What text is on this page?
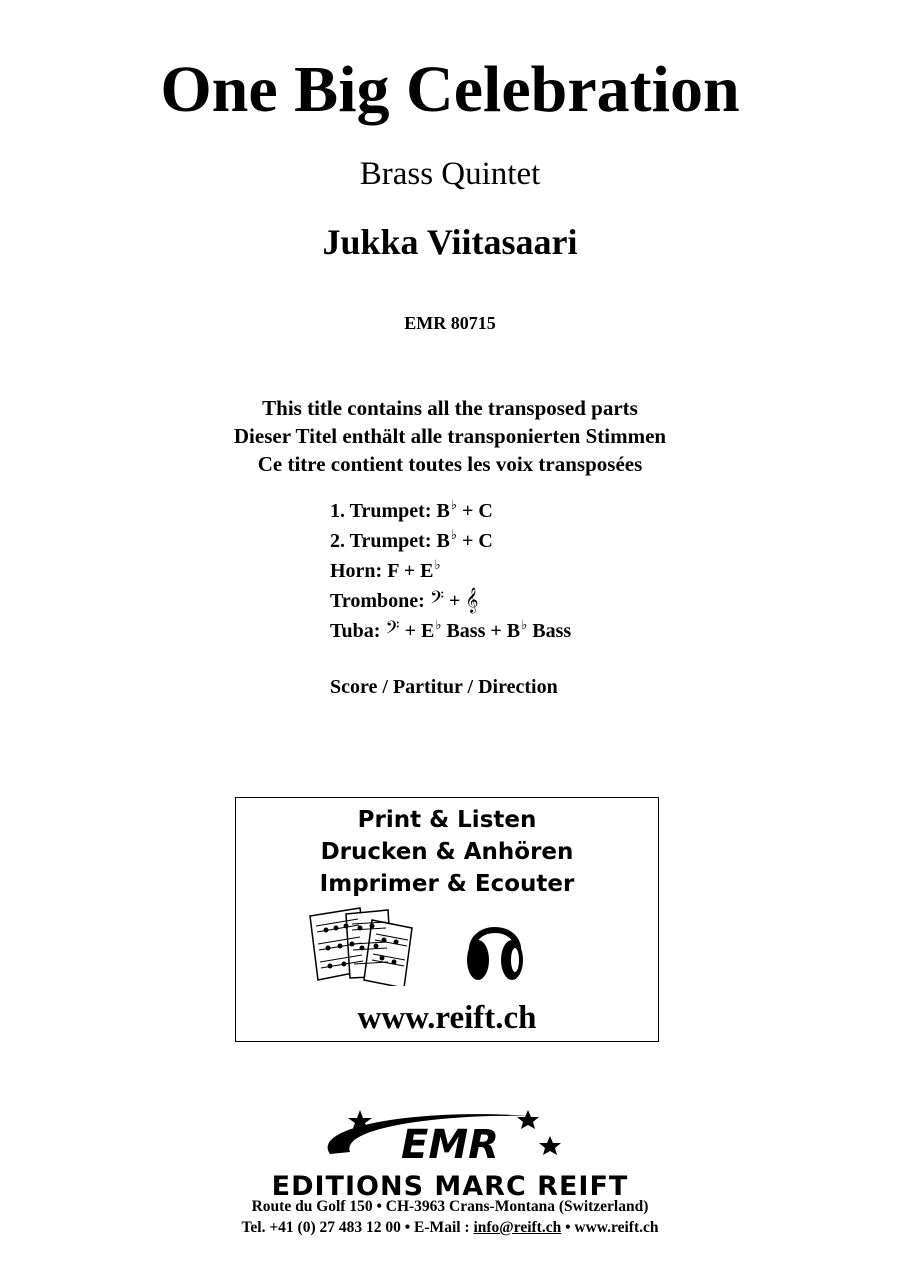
One Big Celebration
Brass Quintet
Jukka Viitasaari
EMR 80715
This title contains all the transposed parts
Dieser Titel enthält alle transponierten Stimmen
Ce titre contient toutes les voix transposées
1. Trumpet: B♭ + C
2. Trumpet: B♭ + C
Horn: F + E♭
Trombone: 𝄢 + 𝄞
Tuba: 𝄢 + E♭ Bass + B♭ Bass
Score / Partitur / Direction
Print & Listen
Drucken & Anhören
Imprimer & Ecouter
www.reift.ch
EMR
EDITIONS MARC REIFT
Route du Golf 150 • CH-3963 Crans-Montana (Switzerland)
Tel. +41 (0) 27 483 12 00 • E-Mail : info@reift.ch • www.reift.ch
